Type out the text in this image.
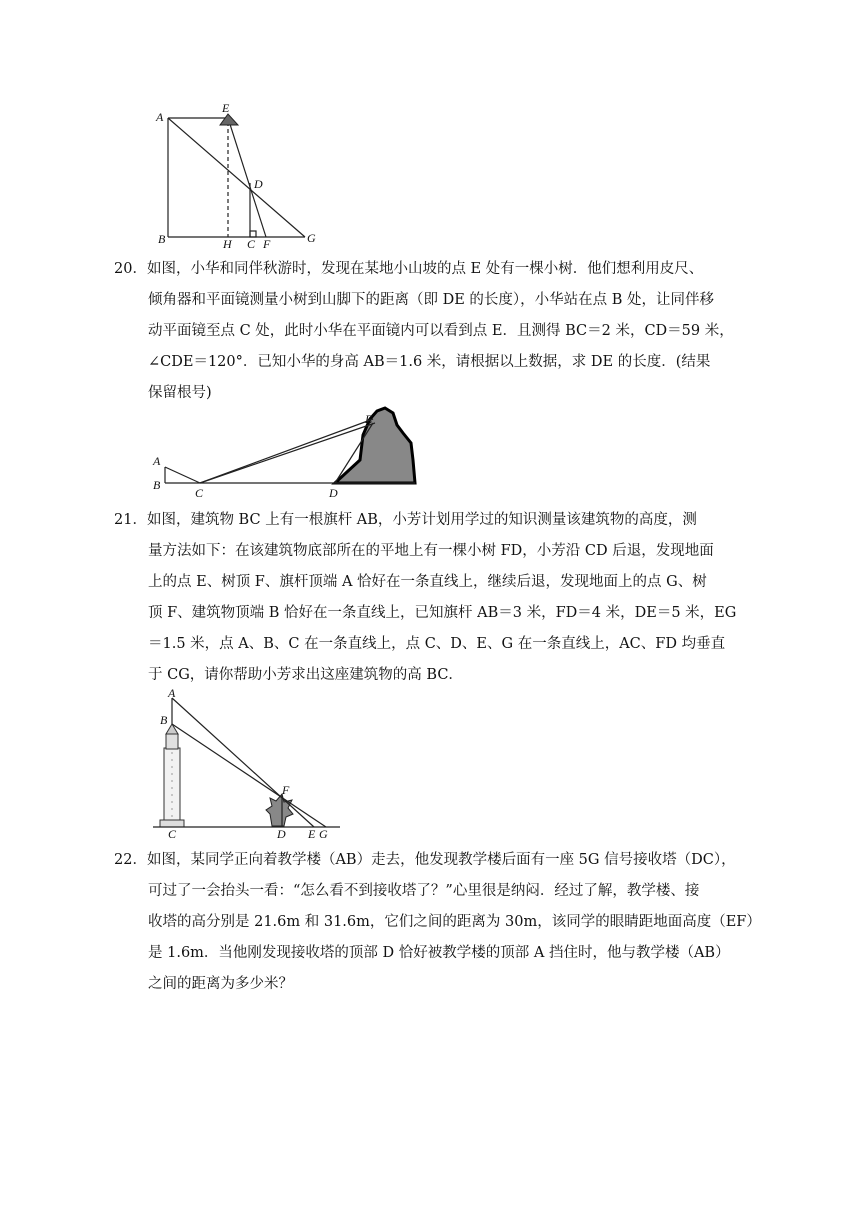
A
E
D
B	H C F	G
20．如图，小华和同伴秋游时，发现在某地小山坡的点 E 处有一棵小树．他们想利用皮尺、
倾角器和平面镜测量小树到山脚下的距离（即 DE 的长度），小华站在点 B 处，让同伴移
动平面镜至点 C 处，此时小华在平面镜内可以看到点 E．且测得 BC＝2 米，CD＝59 米，
∠CDE＝120°．已知小华的身高 AB＝1.6 米，请根据以上数据，求 DE 的长度．(结果
保留根号)
A
B
C	D
E
21．如图，建筑物 BC 上有一根旗杆 AB，小芳计划用学过的知识测量该建筑物的高度，测
量方法如下：在该建筑物底部所在的平地上有一棵小树 FD，小芳沿 CD 后退，发现地面
上的点 E、树顶 F、旗杆顶端 A 恰好在一条直线上，继续后退，发现地面上的点 G、树
顶 F、建筑物顶端 B 恰好在一条直线上，已知旗杆 AB＝3 米，FD＝4 米，DE＝5 米，EG
＝1.5 米，点 A、B、C 在一条直线上，点 C、D、E、G 在一条直线上，AC、FD 均垂直
于 CG，请你帮助小芳求出这座建筑物的高 BC．
A
B
F
C	D E G
22．如图，某同学正向着教学楼（AB）走去，他发现教学楼后面有一座 5G 信号接收塔（DC），
可过了一会抬头一看：“怎么看不到接收塔了？”心里很是纳闷．经过了解，教学楼、接
收塔的高分别是 21.6m 和 31.6m，它们之间的距离为 30m，该同学的眼睛距地面高度（EF）
是 1.6m．当他刚发现接收塔的顶部 D 恰好被教学楼的顶部 A 挡住时，他与教学楼（AB）
之间的距离为多少米？
